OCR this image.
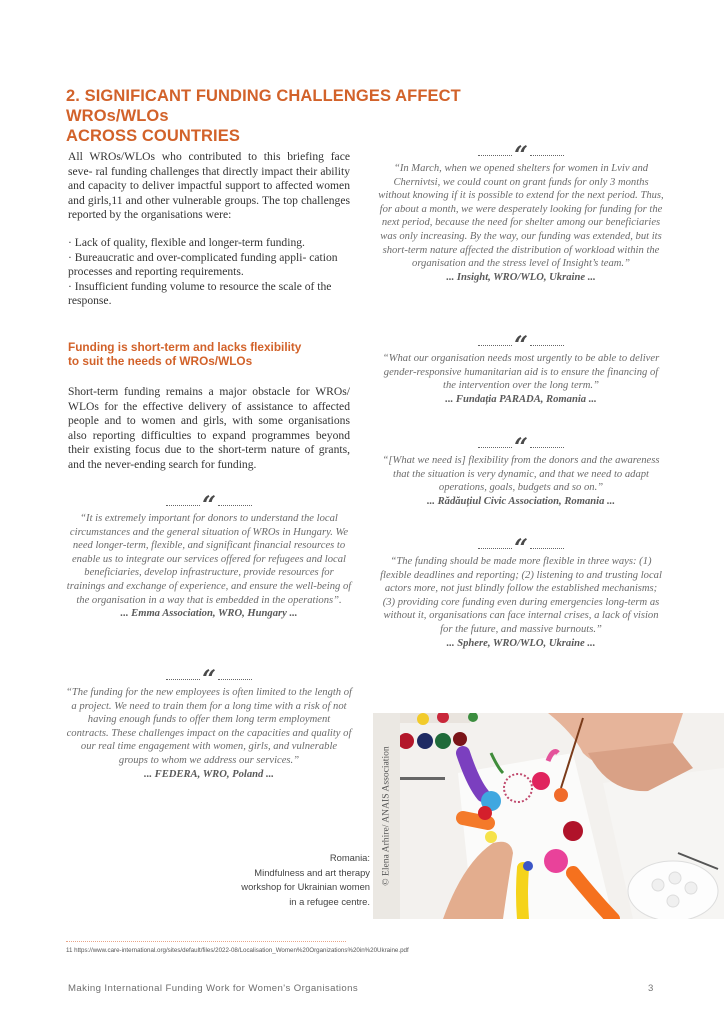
2. SIGNIFICANT FUNDING CHALLENGES AFFECT WROs/WLOs
ACROSS COUNTRIES

All WROs/WLOs who contributed to this briefing face seve- ral funding challenges that directly impact their ability and capacity to deliver impactful support to affected women and girls,11 and other vulnerable groups. The top challenges reported by the organisations were:

· Lack of quality, flexible and longer-term funding.
· Bureaucratic and over-complicated funding appli- cation processes and reporting requirements.
· Insufficient funding volume to resource the scale of the response.
Funding is short-term and lacks flexibility
to suit the needs of WROs/WLOs

Short-term funding remains a major obstacle for WROs/ WLOs for the effective delivery of assistance to affected people and to women and girls, with some organisations also reporting difficulties to expand programmes beyond their existing focus due to the short-term nature of grants, and the never-ending search for funding.

“
“In March, when we opened shelters for women in Lviv and Chernivtsi, we could count on grant funds for only 3 months without knowing if it is possible to extend for the next period. Thus, for about a month, we were desperately looking for funding for the next period, because the need for shelter among our beneficiaries was only increasing. By the way, our funding was extended, but its short-term nature affected the distribution of workload within the organisation and the stress level of Insight’s team.”
... Insight, WRO/WLO, Ukraine ...
“
“What our organisation needs most urgently to be able to deliver gender-responsive humanitarian aid is to ensure the financing of the intervention over the long term.”
... Fundația PARADA, Romania ...
“
“[What we need is] flexibility from the donors and the awareness that the situation is very dynamic, and that we need to adapt operations, goals, budgets and so on.”
... Rădăuțiul Civic Association, Romania ...
“
“The funding should be made more flexible in three ways: (1) flexible deadlines and reporting; (2) listening to and trusting local actors more, not just blindly follow the established mechanisms; (3) providing core funding even during emergencies long-term as without it, organisations can face internal crises, a lack of vision for the future, and massive burnouts.”
... Sphere, WRO/WLO, Ukraine ...
“
“It is extremely important for donors to understand the local circumstances and the general situation of WROs in Hungary. We need longer-term, flexible, and significant financial resources to enable us to integrate our services offered for refugees and local beneficiaries, develop infrastructure, provide resources for trainings and exchange of experience, and ensure the well-being of the organisation in a way that is embedded in the operations”.
... Emma Association, WRO, Hungary ...
“
“The funding for the new employees is often limited to the length of a project. We need to train them for a long time with a risk of not having enough funds to offer them long term employment contracts. These challenges impact on the capacities and quality of our real time engagement with women, girls, and vulnerable groups to whom we address our services.”
... FEDERA, WRO, Poland ...
Romania:
Mindfulness and art therapy
workshop for Ukrainian women
in a refugee centre.
© Elena Arhire/ ANAIS Association
11 https://www.care-international.org/sites/default/files/2022-08/Localisation_Women%20Organizations%20in%20Ukraine.pdf
Making International Funding Work for Women's Organisations	3
